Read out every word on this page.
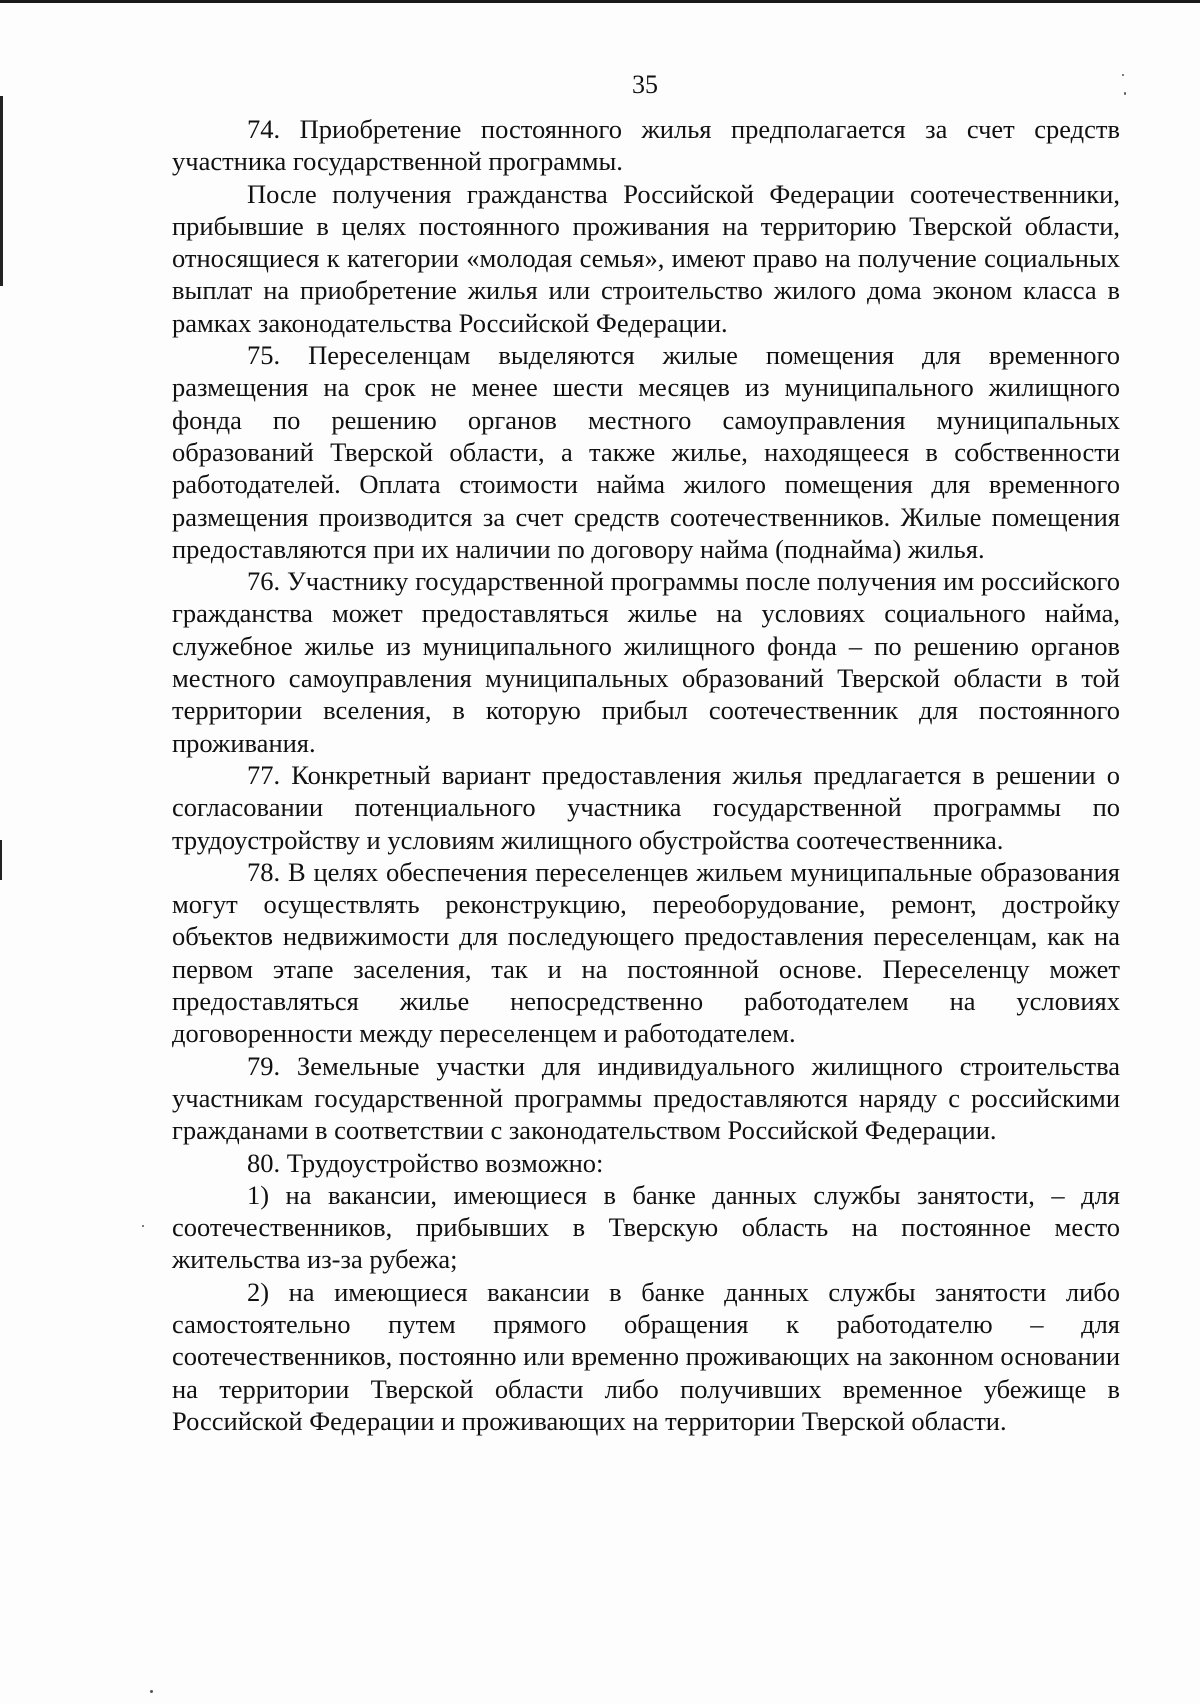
35

74. Приобретение постоянного жилья предполагается за счет средств участника государственной программы.

После получения гражданства Российской Федерации соотечественники, прибывшие в целях постоянного проживания на территорию Тверской области, относящиеся к категории «молодая семья», имеют право на получение социальных выплат на приобретение жилья или строительство жилого дома эконом класса в рамках законодательства Российской Федерации.

75. Переселенцам выделяются жилые помещения для временного размещения на срок не менее шести месяцев из муниципального жилищного фонда по решению органов местного самоуправления муниципальных образований Тверской области, а также жилье, находящееся в собственности работодателей. Оплата стоимости найма жилого помещения для временного размещения производится за счет средств соотечественников. Жилые помещения предоставляются при их наличии по договору найма (поднайма) жилья.

76. Участнику государственной программы после получения им российского гражданства может предоставляться жилье на условиях социального найма, служебное жилье из муниципального жилищного фонда – по решению органов местного самоуправления муниципальных образований Тверской области в той территории вселения, в которую прибыл соотечественник для постоянного проживания.

77. Конкретный вариант предоставления жилья предлагается в решении о согласовании потенциального участника государственной программы по трудоустройству и условиям жилищного обустройства соотечественника.

78. В целях обеспечения переселенцев жильем муниципальные образования могут осуществлять реконструкцию, переоборудование, ремонт, достройку объектов недвижимости для последующего предоставления переселенцам, как на первом этапе заселения, так и на постоянной основе. Переселенцу может предоставляться жилье непосредственно работодателем на условиях договоренности между переселенцем и работодателем.

79. Земельные участки для индивидуального жилищного строительства участникам государственной программы предоставляются наряду с российскими гражданами в соответствии с законодательством Российской Федерации.

80. Трудоустройство возможно:

1) на вакансии, имеющиеся в банке данных службы занятости, – для соотечественников, прибывших в Тверскую область на постоянное место жительства из-за рубежа;

2) на имеющиеся вакансии в банке данных службы занятости либо самостоятельно путем прямого обращения к работодателю – для соотечественников, постоянно или временно проживающих на законном основании на территории Тверской области либо получивших временное убежище в Российской Федерации и проживающих на территории Тверской области.
